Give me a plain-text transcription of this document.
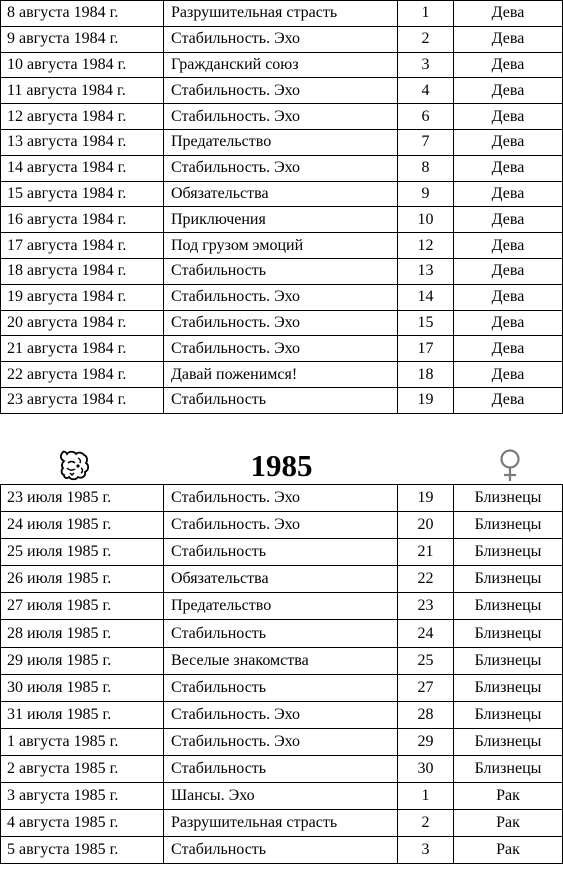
8 августа 1984 г.	Разрушительная страсть	1	Дева
9 августа 1984 г.	Стабильность. Эхо	2	Дева
10 августа 1984 г.	Гражданский союз	3	Дева
11 августа 1984 г.	Стабильность. Эхо	4	Дева
12 августа 1984 г.	Стабильность. Эхо	6	Дева
13 августа 1984 г.	Предательство	7	Дева
14 августа 1984 г.	Стабильность. Эхо	8	Дева
15 августа 1984 г.	Обязательства	9	Дева
16 августа 1984 г.	Приключения	10	Дева
17 августа 1984 г.	Под грузом эмоций	12	Дева
18 августа 1984 г.	Стабильность	13	Дева
19 августа 1984 г.	Стабильность. Эхо	14	Дева
20 августа 1984 г.	Стабильность. Эхо	15	Дева
21 августа 1984 г.	Стабильность. Эхо	17	Дева
22 августа 1984 г.	Давай поженимся!	18	Дева
23 августа 1984 г.	Стабильность	19	Дева
1985
23 июля 1985 г.	Стабильность. Эхо	19	Близнецы
24 июля 1985 г.	Стабильность. Эхо	20	Близнецы
25 июля 1985 г.	Стабильность	21	Близнецы
26 июля 1985 г.	Обязательства	22	Близнецы
27 июля 1985 г.	Предательство	23	Близнецы
28 июля 1985 г.	Стабильность	24	Близнецы
29 июля 1985 г.	Веселые знакомства	25	Близнецы
30 июля 1985 г.	Стабильность	27	Близнецы
31 июля 1985 г.	Стабильность. Эхо	28	Близнецы
1 августа 1985 г.	Стабильность. Эхо	29	Близнецы
2 августа 1985 г.	Стабильность	30	Близнецы
3 августа 1985 г.	Шансы. Эхо	1	Рак
4 августа 1985 г.	Разрушительная страсть	2	Рак
5 августа 1985 г.	Стабильность	3	Рак
